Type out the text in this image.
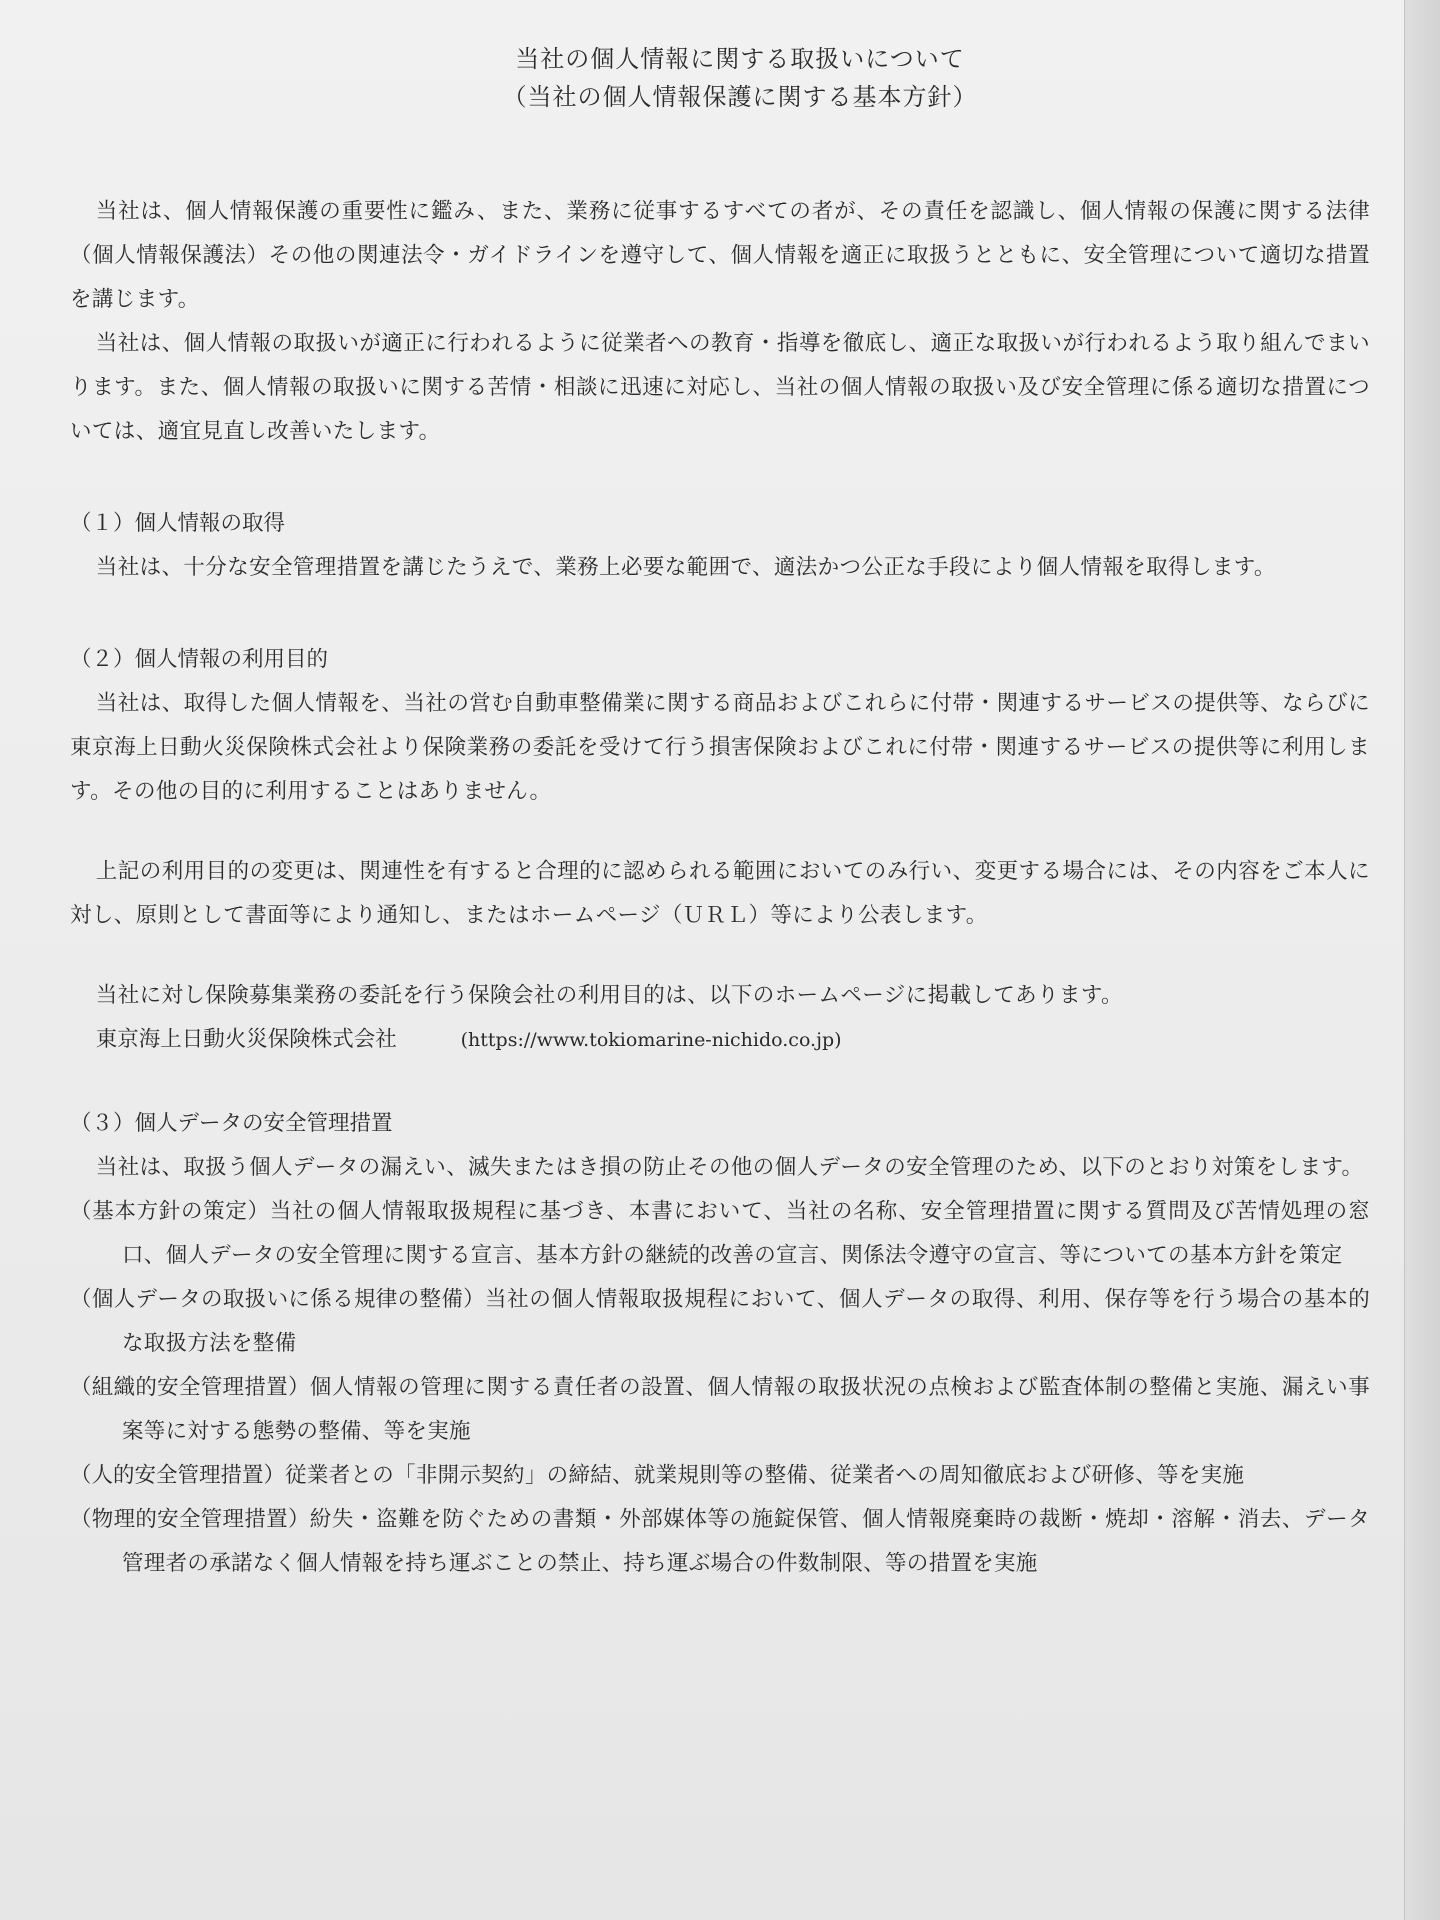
当社の個人情報に関する取扱いについて
（当社の個人情報保護に関する基本方針）

当社は、個人情報保護の重要性に鑑み、また、業務に従事するすべての者が、その責任を認識し、個人情報の保護に関する法律（個人情報保護法）その他の関連法令・ガイドラインを遵守して、個人情報を適正に取扱うとともに、安全管理について適切な措置を講じます。

当社は、個人情報の取扱いが適正に行われるように従業者への教育・指導を徹底し、適正な取扱いが行われるよう取り組んでまいります。また、個人情報の取扱いに関する苦情・相談に迅速に対応し、当社の個人情報の取扱い及び安全管理に係る適切な措置については、適宜見直し改善いたします。

（１）個人情報の取得

当社は、十分な安全管理措置を講じたうえで、業務上必要な範囲で、適法かつ公正な手段により個人情報を取得します。

（２）個人情報の利用目的

当社は、取得した個人情報を、当社の営む自動車整備業に関する商品およびこれらに付帯・関連するサービスの提供等、ならびに東京海上日動火災保険株式会社より保険業務の委託を受けて行う損害保険およびこれに付帯・関連するサービスの提供等に利用します。その他の目的に利用することはありません。

上記の利用目的の変更は、関連性を有すると合理的に認められる範囲においてのみ行い、変更する場合には、その内容をご本人に対し、原則として書面等により通知し、またはホームページ（ＵＲＬ）等により公表します。

当社に対し保険募集業務の委託を行う保険会社の利用目的は、以下のホームページに掲載してあります。

東京海上日動火災保険株式会社	(https://www.tokiomarine-nichido.co.jp)
（３）個人データの安全管理措置

当社は、取扱う個人データの漏えい、滅失またはき損の防止その他の個人データの安全管理のため、以下のとおり対策をします。

（基本方針の策定）当社の個人情報取扱規程に基づき、本書において、当社の名称、安全管理措置に関する質問及び苦情処理の窓口、個人データの安全管理に関する宣言、基本方針の継続的改善の宣言、関係法令遵守の宣言、等についての基本方針を策定

（個人データの取扱いに係る規律の整備）当社の個人情報取扱規程において、個人データの取得、利用、保存等を行う場合の基本的な取扱方法を整備

（組織的安全管理措置）個人情報の管理に関する責任者の設置、個人情報の取扱状況の点検および監査体制の整備と実施、漏えい事案等に対する態勢の整備、等を実施

（人的安全管理措置）従業者との「非開示契約」の締結、就業規則等の整備、従業者への周知徹底および研修、等を実施

（物理的安全管理措置）紛失・盗難を防ぐための書類・外部媒体等の施錠保管、個人情報廃棄時の裁断・焼却・溶解・消去、データ管理者の承諾なく個人情報を持ち運ぶことの禁止、持ち運ぶ場合の件数制限、等の措置を実施
